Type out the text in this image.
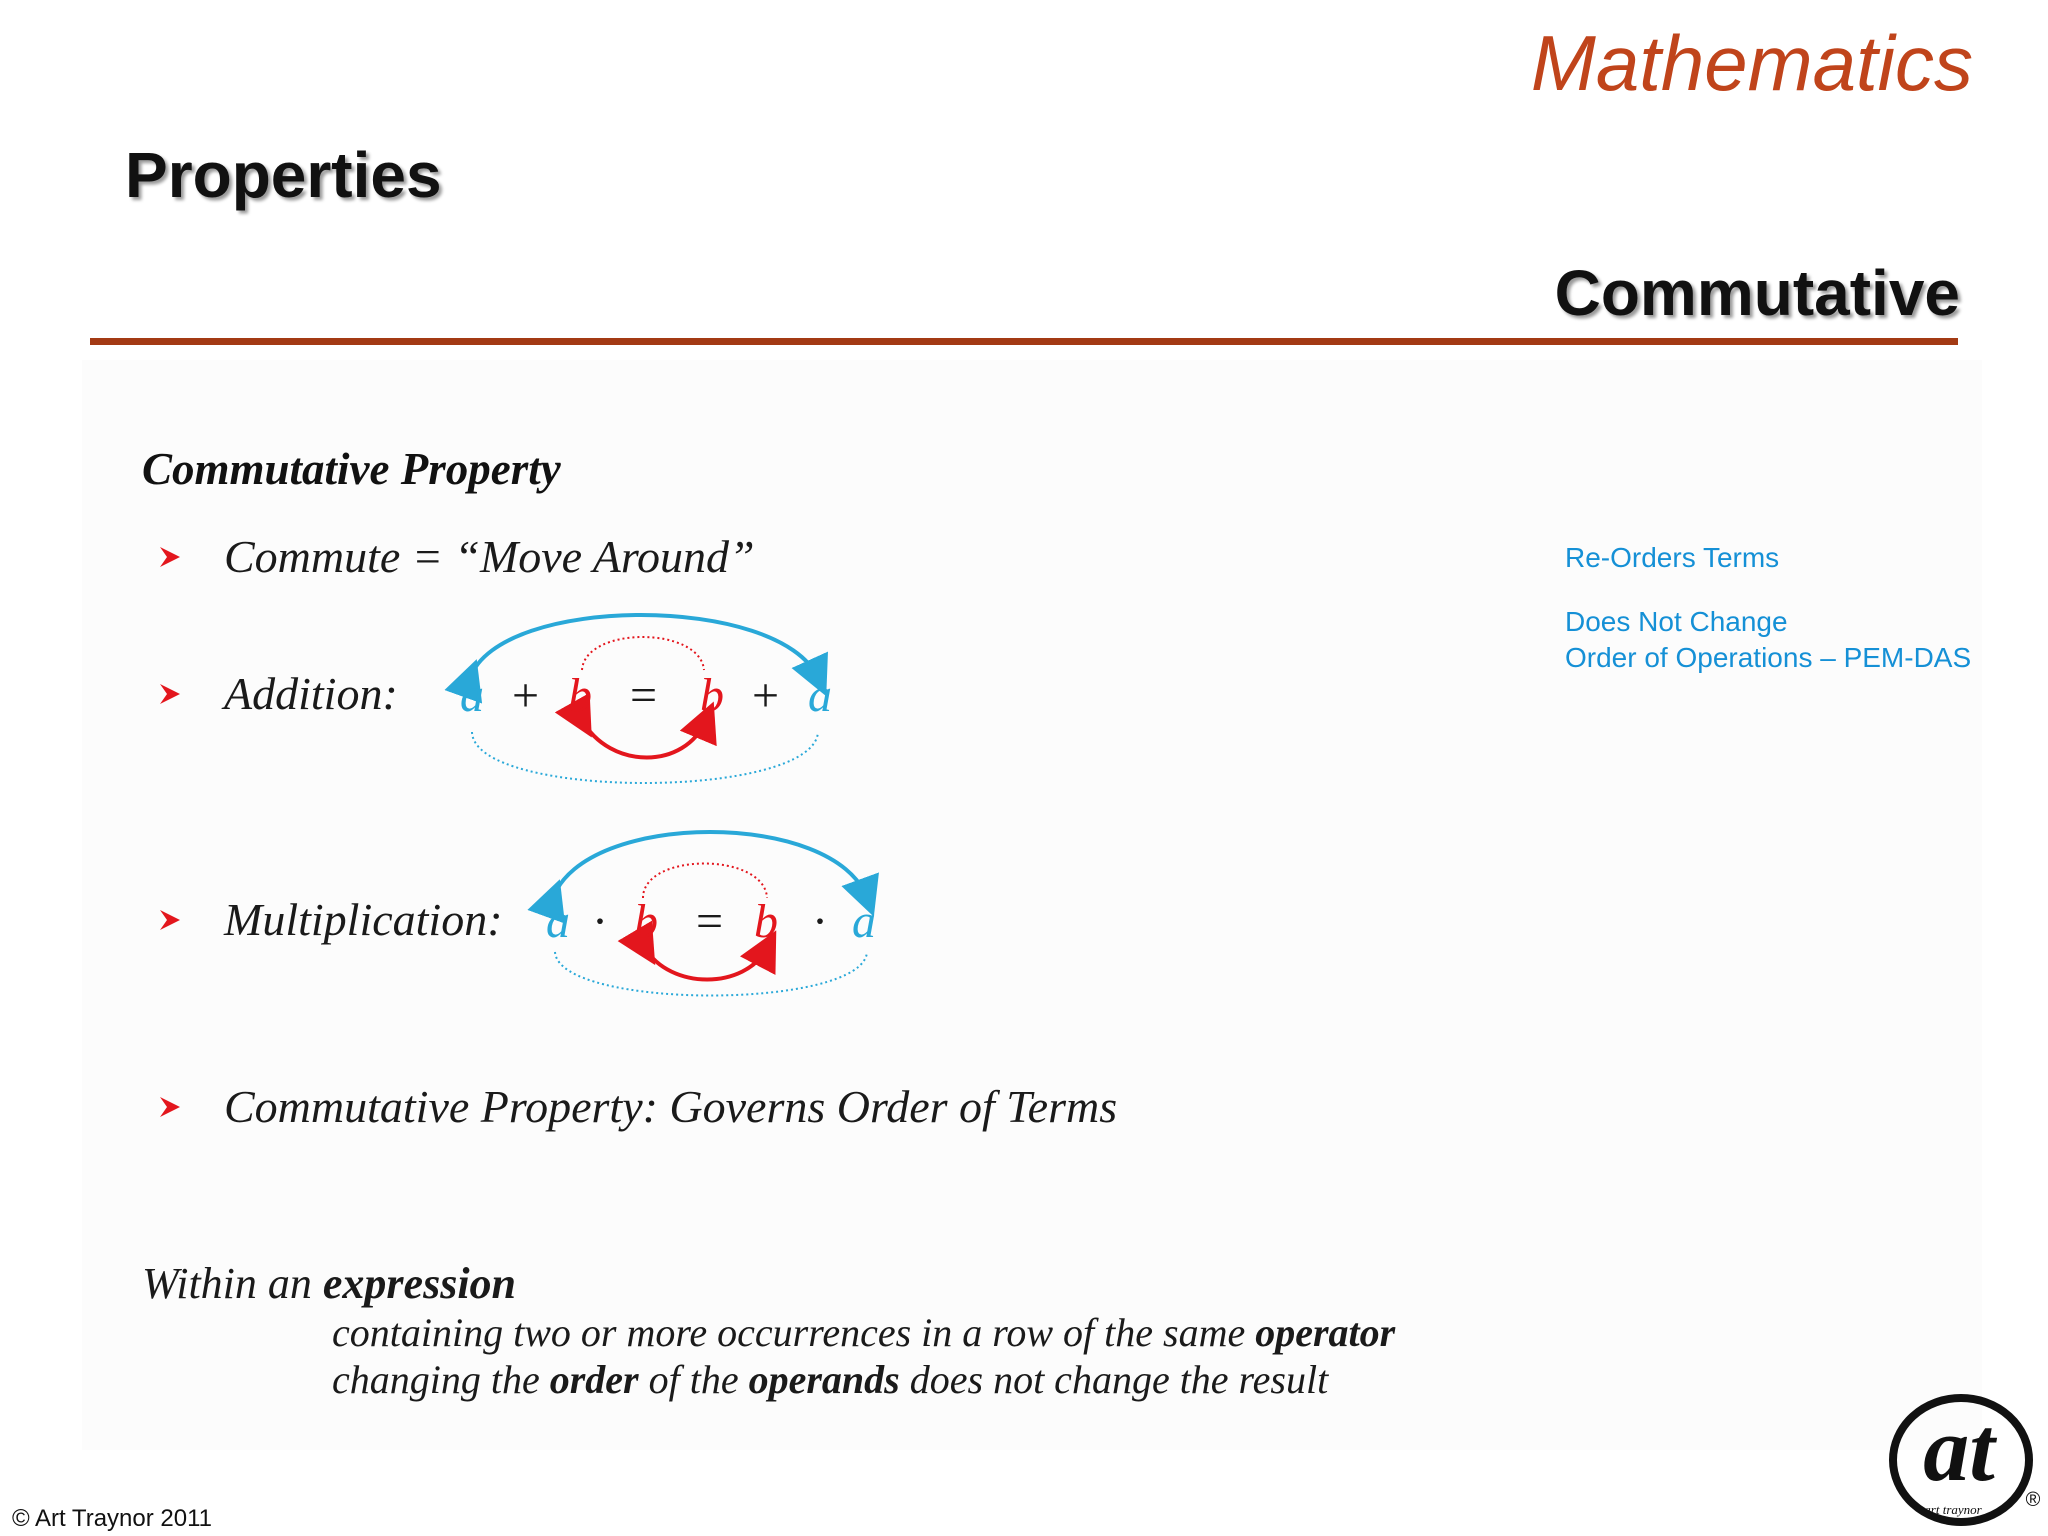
Mathematics
Properties
Commutative
Commutative Property
Commute = “Move Around”
Addition: a + b = b + a
Multiplication: a · b = b · a
Commutative Property: Governs Order of Terms
Re-Orders Terms
Does Not Change
Order of Operations – PEM-DAS
Within an expression
containing two or more occurrences in a row of the same operator
changing the order of the operands does not change the result
© Art Traynor 2011
at
art traynor ®
